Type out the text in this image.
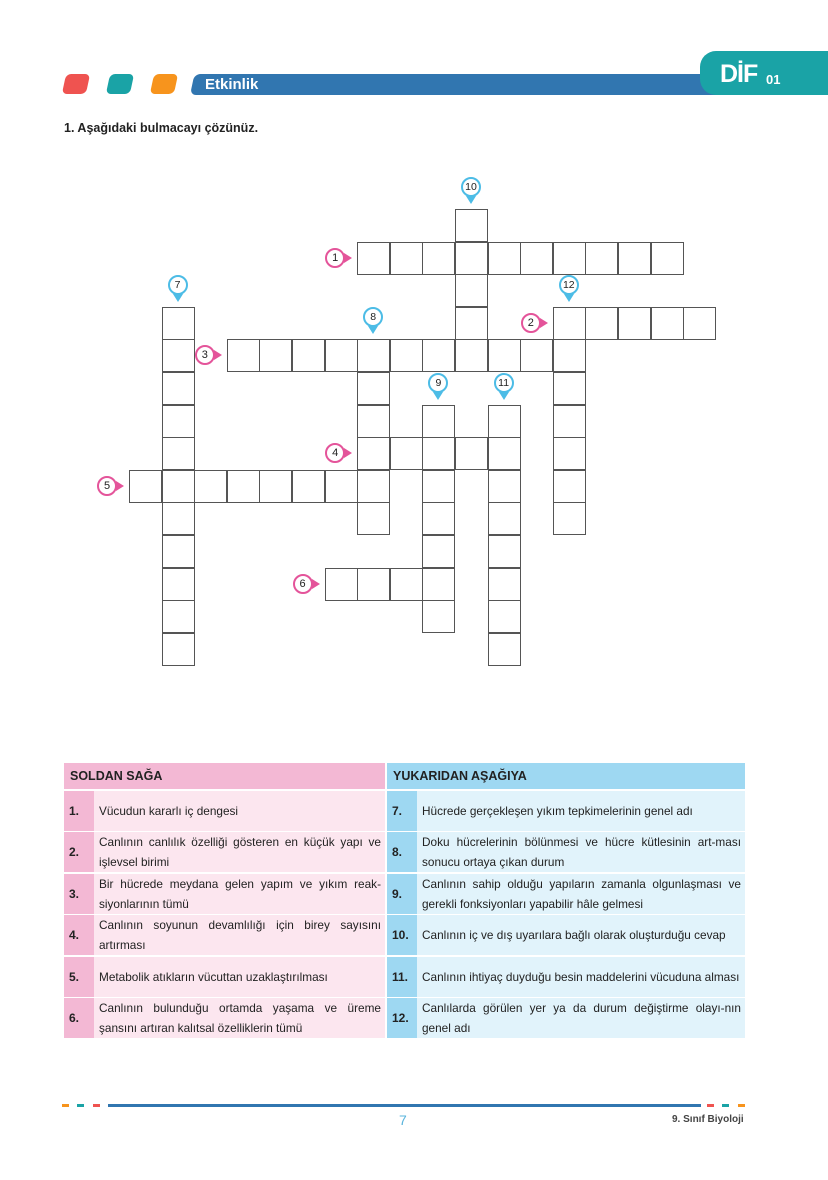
Etkinlik	DİF 01
1. Aşağıdaki bulmacayı çözünüz.
1
2
3
4
5
6
7
8
9
10
11
12
SOLDAN SAĞA
1.	Vücudun kararlı iç dengesi
2.
Canlının canlılık özelliği gösteren en küçük yapı ve işlevsel birimi
3.
Bir hücrede meydana gelen yapım ve yıkım reak-siyonlarının tümü
4.
Canlının soyunun devamlılığı için birey sayısını artırması
5.	Metabolik atıkların vücuttan uzaklaştırılması
6.
Canlının bulunduğu ortamda yaşama ve üreme şansını artıran kalıtsal özelliklerin tümü
YUKARIDAN AŞAĞIYA
7.	Hücrede gerçekleşen yıkım tepkimelerinin genel adı
8.
Doku hücrelerinin bölünmesi ve hücre kütlesinin art-ması sonucu ortaya çıkan durum
9.
Canlının sahip olduğu yapıların zamanla olgunlaşması ve gerekli fonksiyonları yapabilir hâle gelmesi
10.	Canlının iç ve dış uyarılara bağlı olarak oluşturduğu cevap
11.	Canlının ihtiyaç duyduğu besin maddelerini vücuduna alması
12.
Canlılarda görülen yer ya da durum değiştirme olayı-nın genel adı
7	9. Sınıf Biyoloji
